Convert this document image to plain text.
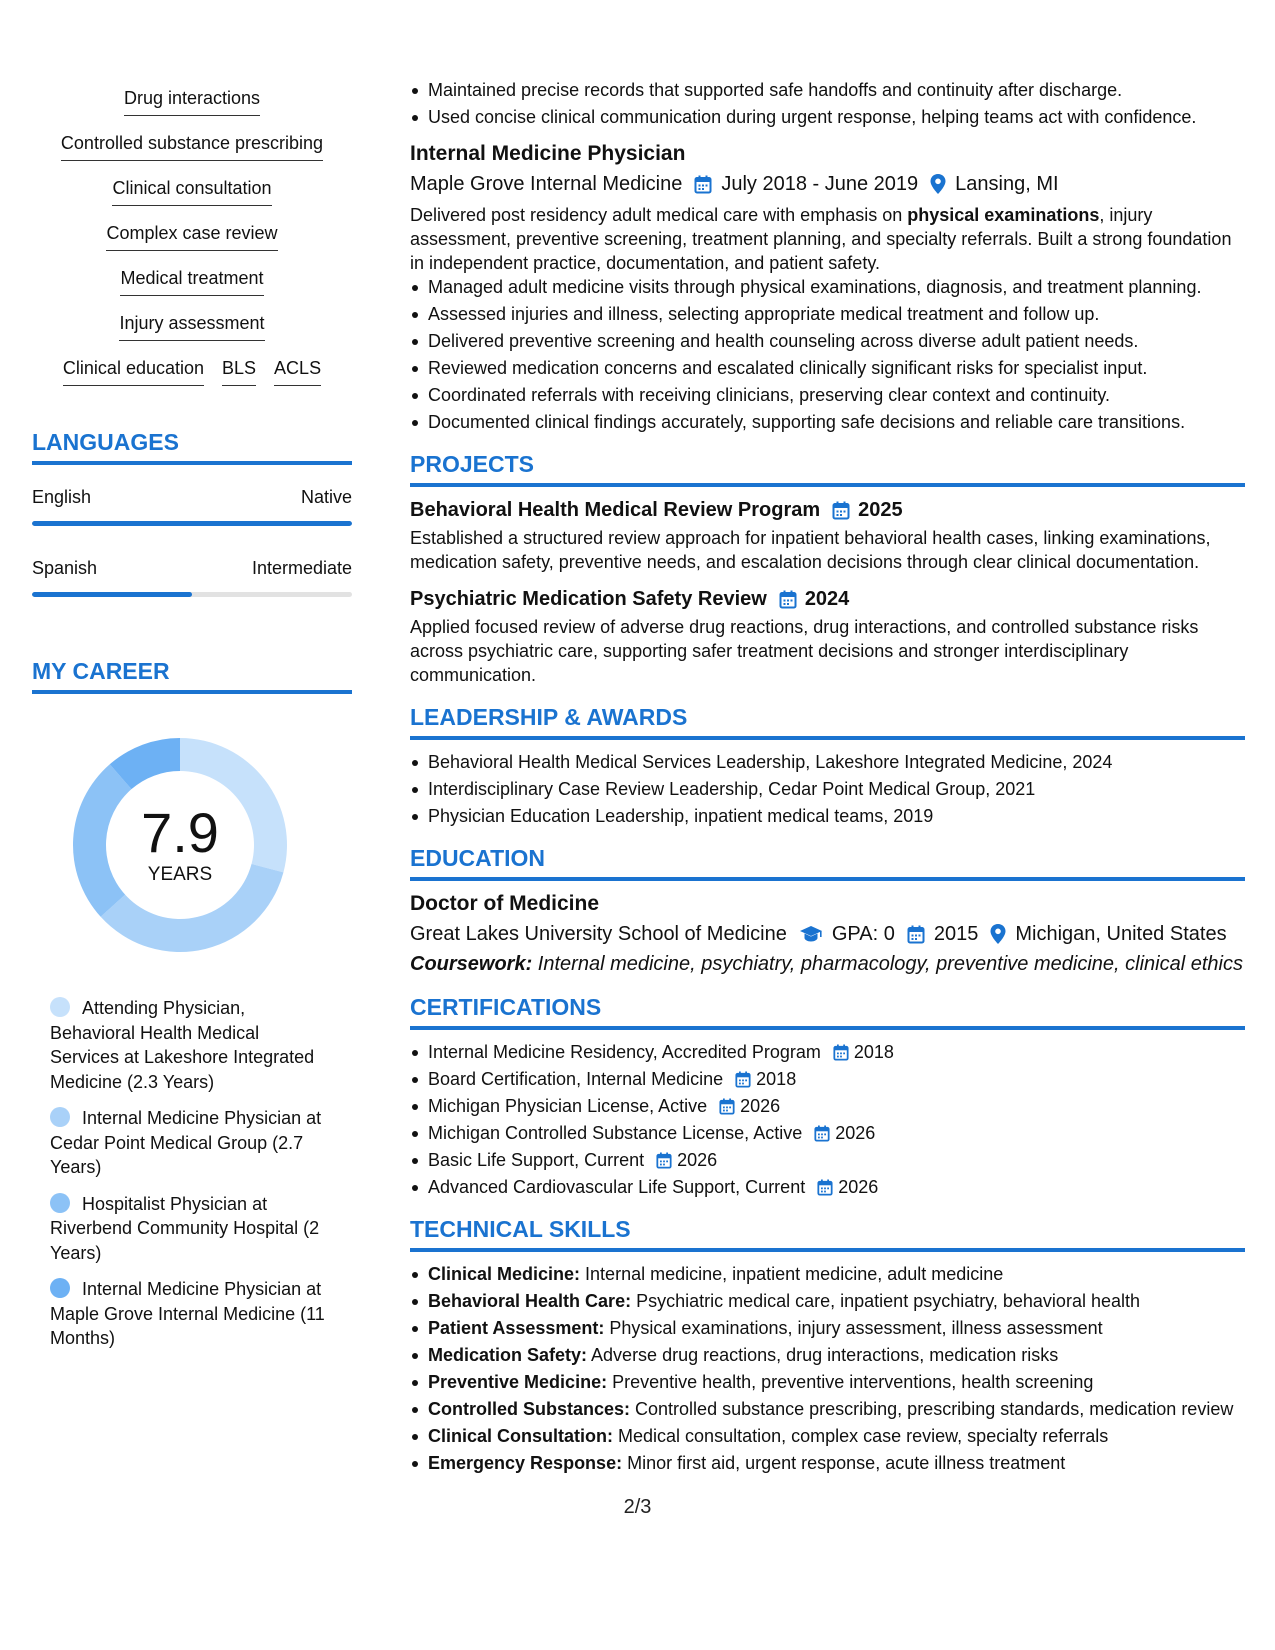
Drug interactions
Controlled substance prescribing
Clinical consultation
Complex case review
Medical treatment
Injury assessment
Clinical education BLS ACLS
LANGUAGES
English	Native
Spanish	Intermediate
MY CAREER
7.9
YEARS
Attending Physician, Behavioral Health Medical Services at Lakeshore Integrated Medicine (2.3 Years)
Internal Medicine Physician at Cedar Point Medical Group (2.7 Years)
Hospitalist Physician at Riverbend Community Hospital (2 Years)
Internal Medicine Physician at Maple Grove Internal Medicine (11 Months)
Maintained precise records that supported safe handoffs and continuity after discharge.
Used concise clinical communication during urgent response, helping teams act with confidence.
Internal Medicine Physician
Maple Grove Internal Medicine July 2018 - June 2019 Lansing, MI
Delivered post residency adult medical care with emphasis on physical examinations, injury assessment, preventive screening, treatment planning, and specialty referrals. Built a strong foundation in independent practice, documentation, and patient safety.
Managed adult medicine visits through physical examinations, diagnosis, and treatment planning.
Assessed injuries and illness, selecting appropriate medical treatment and follow up.
Delivered preventive screening and health counseling across diverse adult patient needs.
Reviewed medication concerns and escalated clinically significant risks for specialist input.
Coordinated referrals with receiving clinicians, preserving clear context and continuity.
Documented clinical findings accurately, supporting safe decisions and reliable care transitions.
PROJECTS
Behavioral Health Medical Review Program 2025
Established a structured review approach for inpatient behavioral health cases, linking examinations, medication safety, preventive needs, and escalation decisions through clear clinical documentation.
Psychiatric Medication Safety Review 2024
Applied focused review of adverse drug reactions, drug interactions, and controlled substance risks across psychiatric care, supporting safer treatment decisions and stronger interdisciplinary communication.
LEADERSHIP & AWARDS
Behavioral Health Medical Services Leadership, Lakeshore Integrated Medicine, 2024
Interdisciplinary Case Review Leadership, Cedar Point Medical Group, 2021
Physician Education Leadership, inpatient medical teams, 2019
EDUCATION
Doctor of Medicine
Great Lakes University School of Medicine GPA: 0 2015 Michigan, United States
Coursework: Internal medicine, psychiatry, pharmacology, preventive medicine, clinical ethics
CERTIFICATIONS
Internal Medicine Residency, Accredited Program 2018
Board Certification, Internal Medicine 2018
Michigan Physician License, Active 2026
Michigan Controlled Substance License, Active 2026
Basic Life Support, Current 2026
Advanced Cardiovascular Life Support, Current 2026
TECHNICAL SKILLS
Clinical Medicine: Internal medicine, inpatient medicine, adult medicine
Behavioral Health Care: Psychiatric medical care, inpatient psychiatry, behavioral health
Patient Assessment: Physical examinations, injury assessment, illness assessment
Medication Safety: Adverse drug reactions, drug interactions, medication risks
Preventive Medicine: Preventive health, preventive interventions, health screening
Controlled Substances: Controlled substance prescribing, prescribing standards, medication review
Clinical Consultation: Medical consultation, complex case review, specialty referrals
Emergency Response: Minor first aid, urgent response, acute illness treatment
2/3
